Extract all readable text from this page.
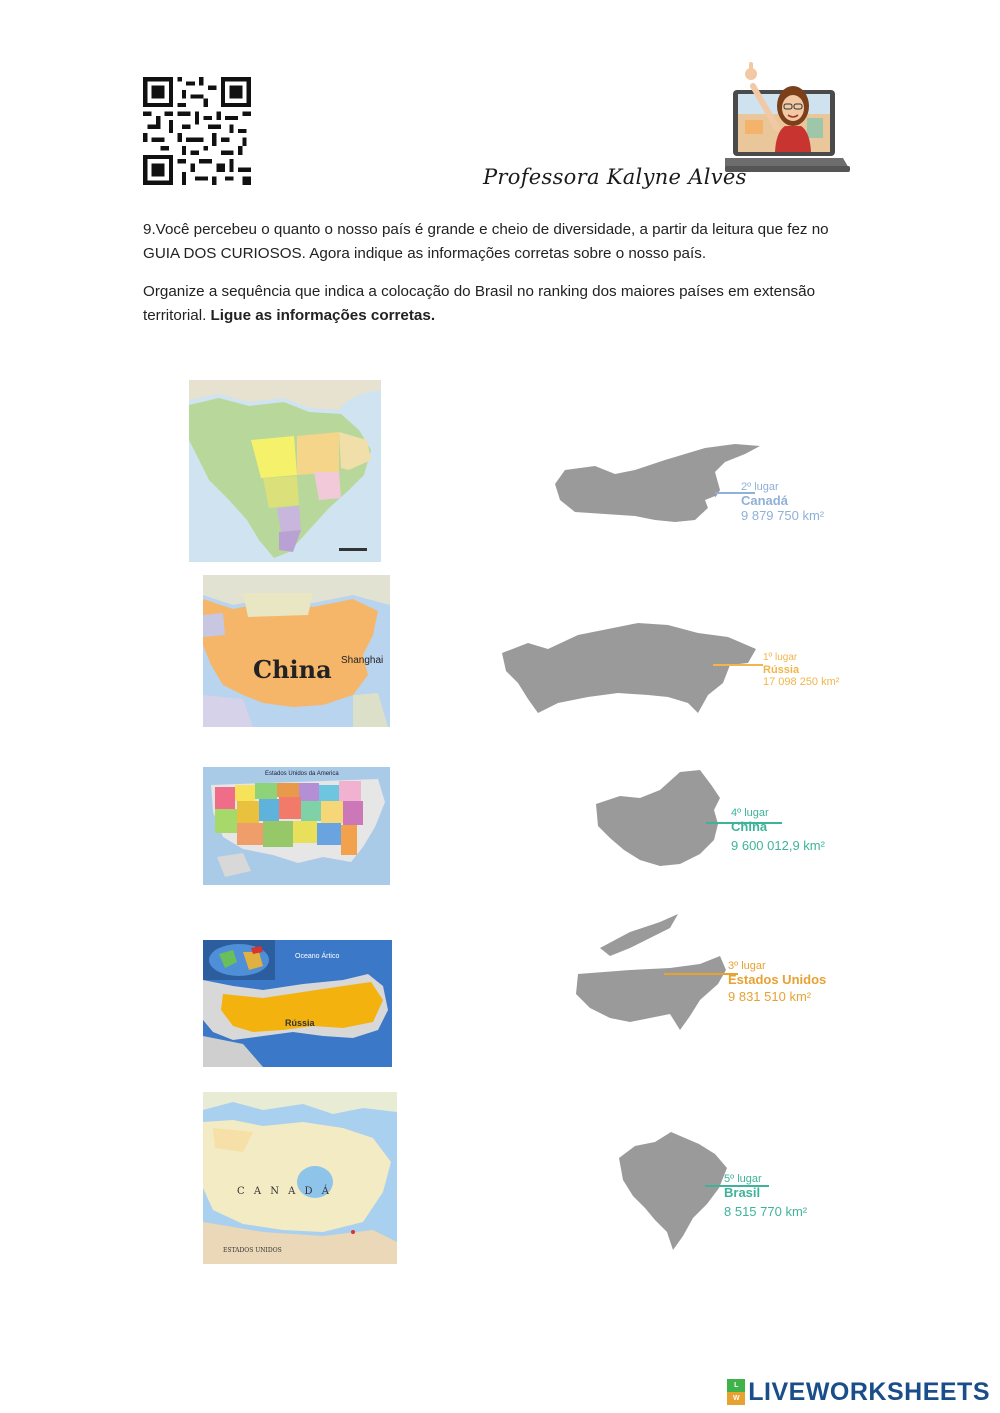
Professora Kalyne Alves
9.Você percebeu o quanto o nosso país é grande e cheio de diversidade, a partir da leitura que fez no GUIA DOS CURIOSOS. Agora indique as informações corretas sobre o nosso país.
Organize a sequência que indica a colocação do Brasil no ranking dos maiores países em extensão territorial. Ligue as informações corretas.
China Shanghai
Estados Unidos da America
Oceano Ártico
Rússia
C A N A D Á
ESTADOS UNIDOS
2º lugar
Canadá
9 879 750 km²
1º lugar
Rússia
17 098 250 km²
4º lugar
China
9 600 012,9 km²
3º lugar
Estados Unidos
9 831 510 km²
5º lugar
Brasil
8 515 770 km²
L
W LIVEWORKSHEETS
